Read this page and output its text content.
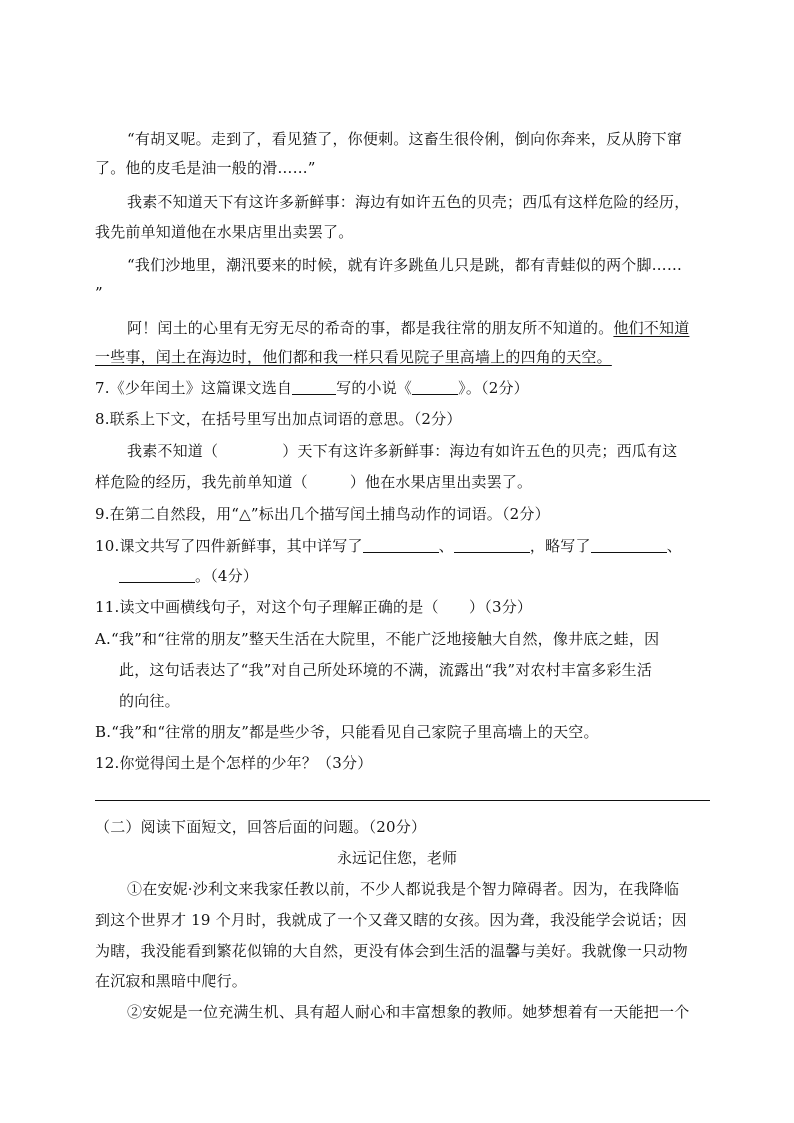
“有胡叉呢。走到了，看见猹了，你便刺。这畜生很伶俐，倒向你奔来，反从胯下窜
了。他的皮毛是油一般的滑……”
我素不知道天下有这许多新鲜事：海边有如许五色的贝壳；西瓜有这样危险的经历，
我先前单知道他在水果店里出卖罢了。
“我们沙地里，潮汛要来的时候，就有许多跳鱼儿只是跳，都有青蛙似的两个脚……
”
阿！闰土的心里有无穷无尽的希奇的事，都是我往常的朋友所不知道的。他们不知道
一些事，闰土在海边时，他们都和我一样只看见院子里高墙上的四角的天空。
7.《少年闰土》这篇课文选自	写的小说《	》。（2分）
8.联系上下文，在括号里写出加点词语的意思。（2分）
我素不知道（	）天下有这许多新鲜事：海边有如许五色的贝壳；西瓜有这
样危险的经历，我先前单知道（	）他在水果店里出卖罢了。
9.在第二自然段，用“△”标出几个描写闰土捕鸟动作的词语。（2分）
10.课文共写了四件新鲜事，其中详写了	、	，略写了	、
。（4分）
11.读文中画横线句子，对这个句子理解正确的是（　　）（3分）
A.“我”和“往常的朋友”整天生活在大院里，不能广泛地接触大自然，像井底之蛙，因
此，这句话表达了“我”对自己所处环境的不满，流露出“我”对农村丰富多彩生活
的向往。
B.“我”和“往常的朋友”都是些少爷，只能看见自己家院子里高墙上的天空。
12.你觉得闰土是个怎样的少年？（3分）
（二）阅读下面短文，回答后面的问题。（20分）
永远记住您，老师
①在安妮·沙利文来我家任教以前，不少人都说我是个智力障碍者。因为，在我降临
到这个世界才 19 个月时，我就成了一个又聋又瞎的女孩。因为聋，我没能学会说话；因
为瞎，我没能看到繁花似锦的大自然，更没有体会到生活的温馨与美好。我就像一只动物
在沉寂和黑暗中爬行。
②安妮是一位充满生机、具有超人耐心和丰富想象的教师。她梦想着有一天能把一个
